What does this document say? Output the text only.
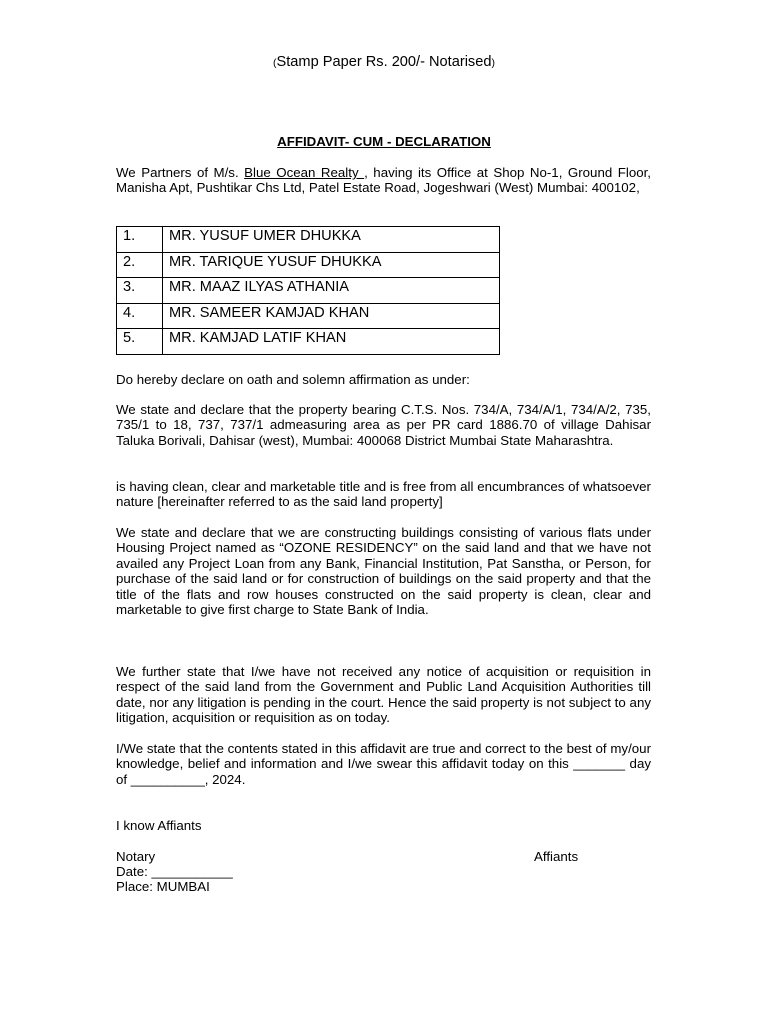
(Stamp Paper Rs. 200/- Notarised)
AFFIDAVIT- CUM - DECLARATION

We Partners of M/s. Blue Ocean Realty , having its Office at Shop No-1, Ground Floor, Manisha Apt, Pushtikar Chs Ltd, Patel Estate Road, Jogeshwari (West) Mumbai: 400102,

1.	MR. YUSUF UMER DHUKKA
2.	MR. TARIQUE YUSUF DHUKKA
3.	MR. MAAZ ILYAS ATHANIA
4.	MR. SAMEER KAMJAD KHAN
5.	MR. KAMJAD LATIF KHAN

Do hereby declare on oath and solemn affirmation as under:

We state and declare that the property bearing C.T.S. Nos. 734/A, 734/A/1, 734/A/2, 735, 735/1 to 18, 737, 737/1 admeasuring area as per PR card 1886.70 of village Dahisar Taluka Borivali, Dahisar (west), Mumbai: 400068 District Mumbai State Maharashtra.

is having clean, clear and marketable title and is free from all encumbrances of whatsoever nature [hereinafter referred to as the said land property]

We state and declare that we are constructing buildings consisting of various flats under Housing Project named as “OZONE RESIDENCY” on the said land and that we have not availed any Project Loan from any Bank, Financial Institution, Pat Sanstha, or Person, for purchase of the said land or for construction of buildings on the said property and that the title of the flats and row houses constructed on the said property is clean, clear and marketable to give first charge to State Bank of India.

We further state that I/we have not received any notice of acquisition or requisition in respect of the said land from the Government and Public Land Acquisition Authorities till date, nor any litigation is pending in the court. Hence the said property is not subject to any litigation, acquisition or requisition as on today.

I/We state that the contents stated in this affidavit are true and correct to the best of my/our knowledge, belief and information and I/we swear this affidavit today on this _______ day of __________, 2024.

I know Affiants

Notary	Affiants

Date: ___________

Place: MUMBAI
